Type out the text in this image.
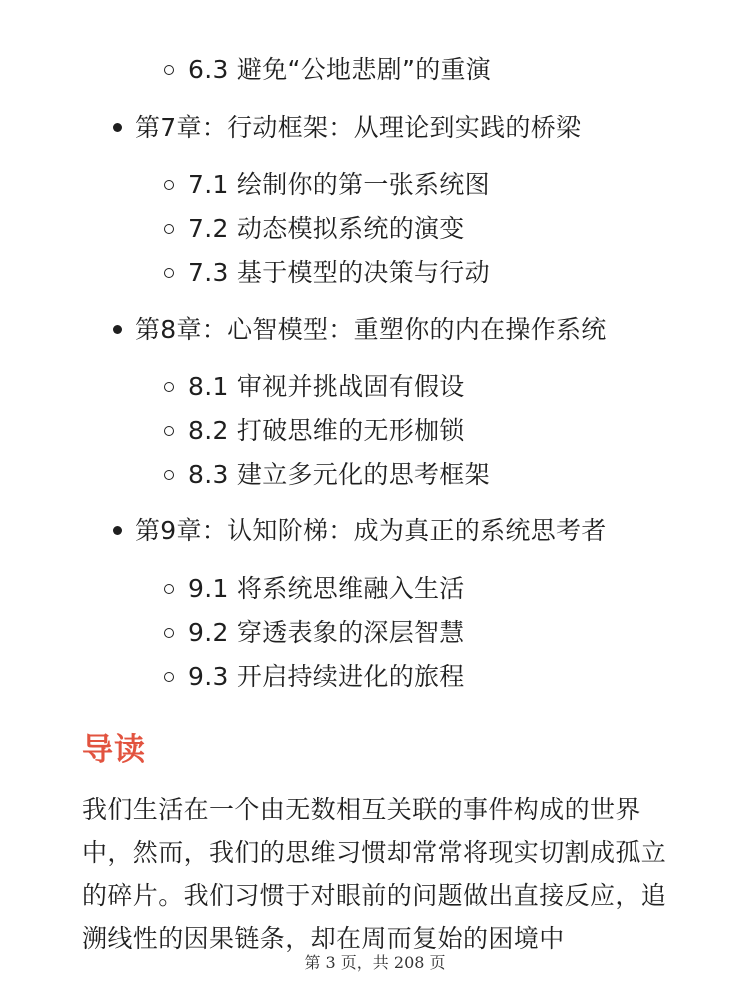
6.3 避免“公地悲剧”的重演
第7章：行动框架：从理论到实践的桥梁
7.1 绘制你的第一张系统图
7.2 动态模拟系统的演变
7.3 基于模型的决策与行动
第8章：心智模型：重塑你的内在操作系统
8.1 审视并挑战固有假设
8.2 打破思维的无形枷锁
8.3 建立多元化的思考框架
第9章：认知阶梯：成为真正的系统思考者
9.1 将系统思维融入生活
9.2 穿透表象的深层智慧
9.3 开启持续进化的旅程
导读

我们生活在一个由无数相互关联的事件构成的世界中，然而，我们的思维习惯却常常将现实切割成孤立的碎片。我们习惯于对眼前的问题做出直接反应，追溯线性的因果链条，却在周而复始的困境中

第 3 页，共 208 页
